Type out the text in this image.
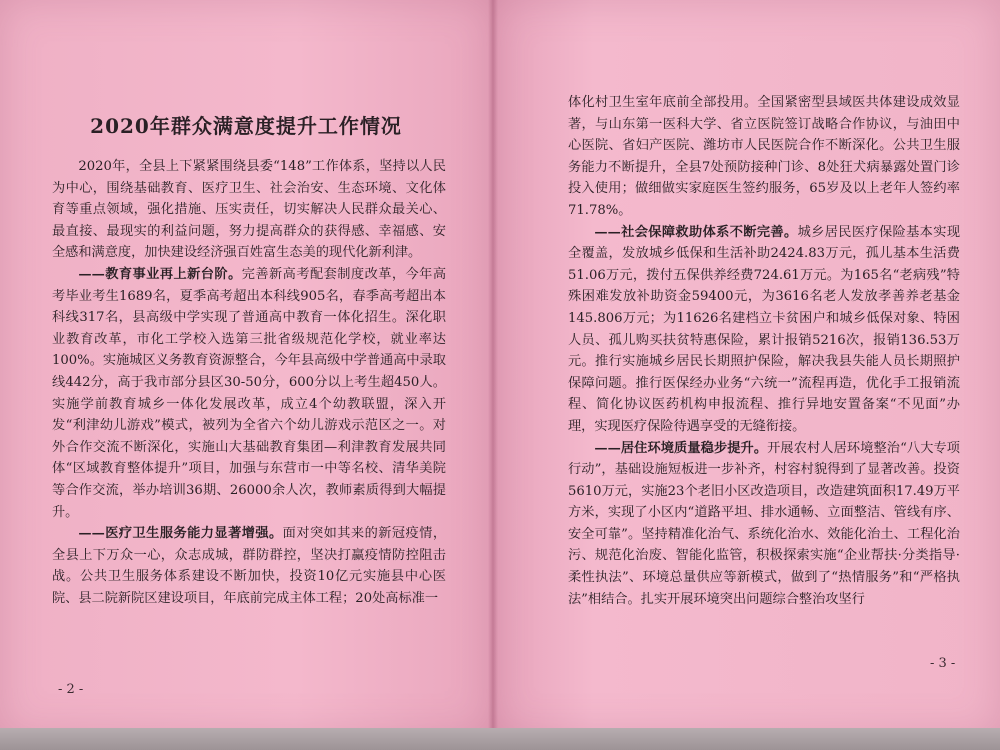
2020年群众满意度提升工作情况

2020年，全县上下紧紧围绕县委“148”工作体系，坚持以人民为中心，围绕基础教育、医疗卫生、社会治安、生态环境、文化体育等重点领域，强化措施、压实责任，切实解决人民群众最关心、最直接、最现实的利益问题，努力提高群众的获得感、幸福感、安全感和满意度，加快建设经济强百姓富生态美的现代化新利津。

——教育事业再上新台阶。完善新高考配套制度改革，今年高考毕业考生1689名，夏季高考超出本科线905名，春季高考超出本科线317名，县高级中学实现了普通高中教育一体化招生。深化职业教育改革，市化工学校入选第三批省级规范化学校，就业率达100%。实施城区义务教育资源整合，今年县高级中学普通高中录取线442分，高于我市部分县区30-50分，600分以上考生超450人。实施学前教育城乡一体化发展改革，成立4个幼教联盟，深入开发“利津幼儿游戏”模式，被列为全省六个幼儿游戏示范区之一。对外合作交流不断深化，实施山大基础教育集团—利津教育发展共同体“区域教育整体提升”项目，加强与东营市一中等名校、清华美院等合作交流，举办培训36期、26000余人次，教师素质得到大幅提升。

——医疗卫生服务能力显著增强。面对突如其来的新冠疫情，全县上下万众一心，众志成城，群防群控，坚决打赢疫情防控阻击战。公共卫生服务体系建设不断加快，投资10亿元实施县中心医院、县二院新院区建设项目，年底前完成主体工程；20处高标准一

- 2 -

体化村卫生室年底前全部投用。全国紧密型县域医共体建设成效显著，与山东第一医科大学、省立医院签订战略合作协议，与油田中心医院、省妇产医院、潍坊市人民医院合作不断深化。公共卫生服务能力不断提升，全县7处预防接种门诊、8处狂犬病暴露处置门诊投入使用；做细做实家庭医生签约服务，65岁及以上老年人签约率71.78%。

——社会保障救助体系不断完善。城乡居民医疗保险基本实现全覆盖，发放城乡低保和生活补助2424.83万元，孤儿基本生活费51.06万元，拨付五保供养经费724.61万元。为165名“老病残”特殊困难发放补助资金59400元，为3616名老人发放孝善养老基金145.806万元；为11626名建档立卡贫困户和城乡低保对象、特困人员、孤儿购买扶贫特惠保险，累计报销5216次，报销136.53万元。推行实施城乡居民长期照护保险，解决我县失能人员长期照护保障问题。推行医保经办业务“六统一”流程再造，优化手工报销流程、简化协议医药机构申报流程、推行异地安置备案“不见面”办理，实现医疗保险待遇享受的无缝衔接。

——居住环境质量稳步提升。开展农村人居环境整治“八大专项行动”，基础设施短板进一步补齐，村容村貌得到了显著改善。投资5610万元，实施23个老旧小区改造项目，改造建筑面积17.49万平方米，实现了小区内“道路平坦、排水通畅、立面整洁、管线有序、安全可靠”。坚持精准化治气、系统化治水、效能化治土、工程化治污、规范化治废、智能化监管，积极探索实施“企业帮扶·分类指导·柔性执法”、环境总量供应等新模式，做到了“热情服务”和“严格执法”相结合。扎实开展环境突出问题综合整治攻坚行

- 3 -
